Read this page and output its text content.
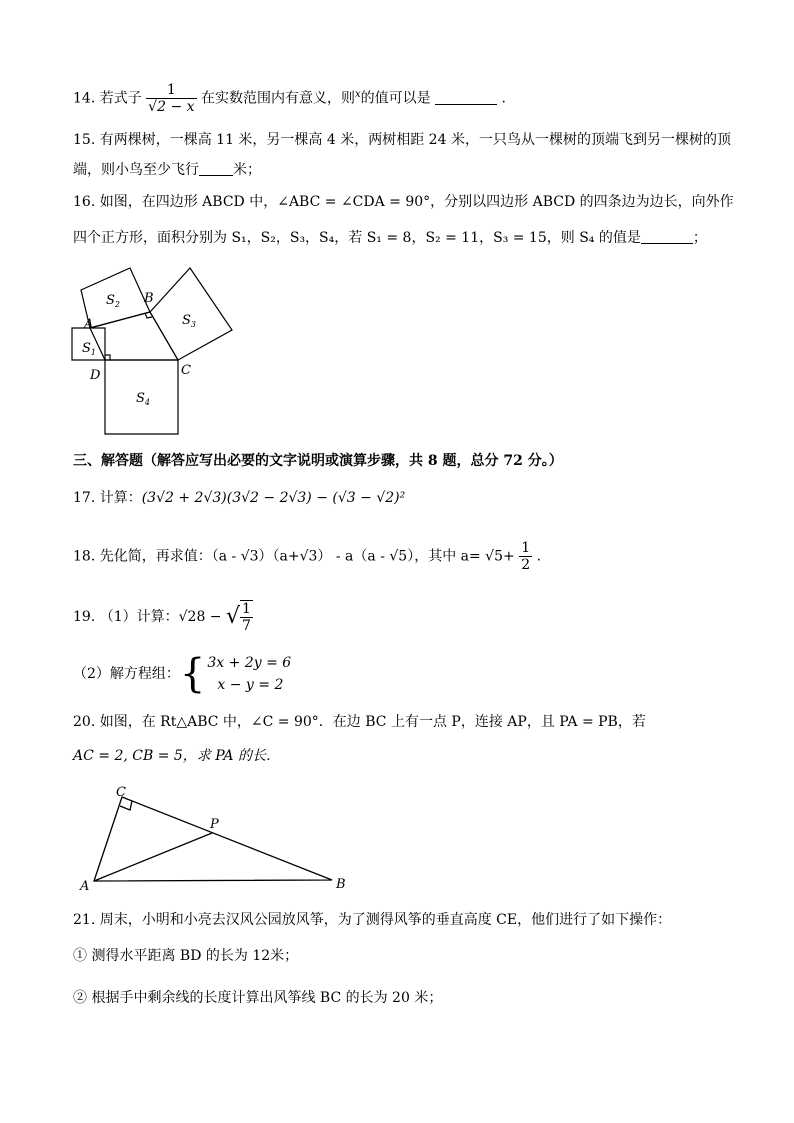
14. 若式子 $\frac{1}{√2 - x}$ 在实数范围内有意义，则$^x$的值可以是	.
15. 有两棵树，一棵高 11 米，另一棵高 4 米，两树相距 24 米，一只鸟从一棵树的顶端飞到另一棵树的顶
端，则小鸟至少飞行 米；
16. 如图，在四边形 ABCD 中，∠ABC = ∠CDA = 90°，分别以四边形 ABCD 的四条边为边长，向外作
四个正方形，面积分别为 S₁，S₂，S₃，S₄，若 S₁ = 8，S₂ = 11，S₃ = 15，则 S₄ 的值是	；
A
B
C
D
$S_1$
$S_2$
$S_3$
$S_4$
三、解答题（解答应写出必要的文字说明或演算步骤，共 8 题，总分 72 分。）
17. 计算：(3√2 + 2√3)(3√2 − 2√3) − (√3 − √2)²
18. 先化简，再求值：（a - √3）（a+√3） - a（a - √5），其中 $a= √5+ \frac{1}{2}$ .
19. （1）计算：√28 − √ $\frac{1}{7}$
（2）解方程组：{ 3x + 2y = 6
x − y = 2
20. 如图，在 Rt△ABC 中，∠C = 90°．在边 BC 上有一点 P，连接 AP，且 PA = PB，若
AC = 2, CB = 5，求 PA 的长．
A	B
C
P
21. 周末，小明和小亮去汉风公园放风筝，为了测得风筝的垂直高度 CE，他们进行了如下操作：
① 测得水平距离 BD 的长为 12米；
② 根据手中剩余线的长度计算出风筝线 BC 的长为 20 米；
